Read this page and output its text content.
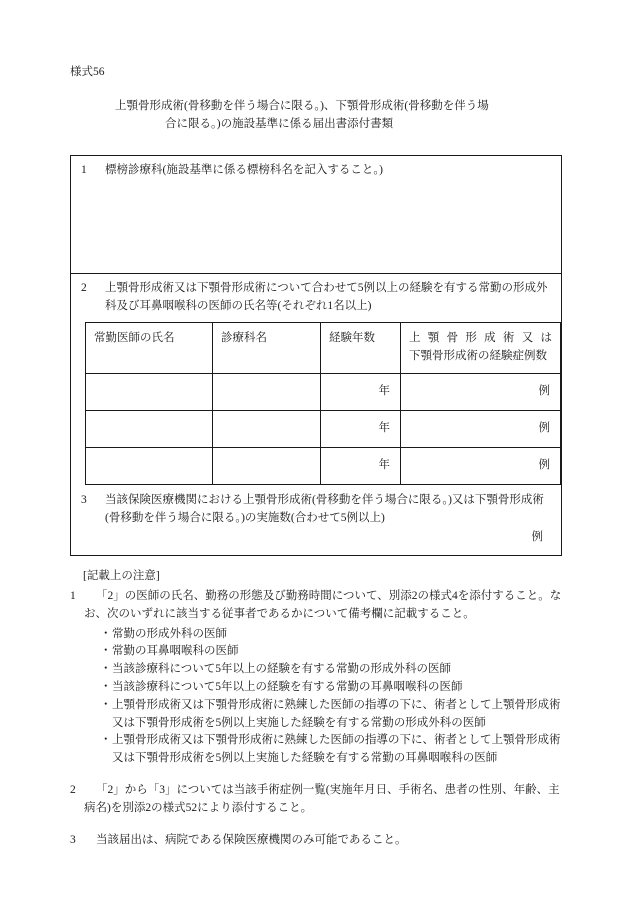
様式56
上顎骨形成術(骨移動を伴う場合に限る。)、下顎骨形成術(骨移動を伴う場
合に限る。)の施設基準に係る届出書添付書類

1 標榜診療科(施設基準に係る標榜科名を記入すること。)

2 上顎骨形成術又は下顎骨形成術について合わせて5例以上の経験を有する常勤の形成外科及び耳鼻咽喉科の医師の氏名等(それぞれ1名以上)

常勤医師の氏名	診療科名	経験年数	上顎骨形成術又は
下顎骨形成術の経験症例数

		年	例
		年	例
		年	例

3 当該保険医療機関における上顎骨形成術(骨移動を伴う場合に限る。)又は下顎骨形成術(骨移動を伴う場合に限る。)の実施数(合わせて5例以上)

例
[記載上の注意]

1 「2」の医師の氏名、勤務の形態及び勤務時間について、別添2の様式4を添付すること。なお、次のいずれに該当する従事者であるかについて備考欄に記載すること。

・ 常勤の形成外科の医師

・ 常勤の耳鼻咽喉科の医師

・ 当該診療科について5年以上の経験を有する常勤の形成外科の医師

・ 当該診療科について5年以上の経験を有する常勤の耳鼻咽喉科の医師

・ 上顎骨形成術又は下顎骨形成術に熟練した医師の指導の下に、術者として上顎骨形成術又は下顎骨形成術を5例以上実施した経験を有する常勤の形成外科の医師

・ 上顎骨形成術又は下顎骨形成術に熟練した医師の指導の下に、術者として上顎骨形成術又は下顎骨形成術を5例以上実施した経験を有する常勤の耳鼻咽喉科の医師

2 「2」から「3」については当該手術症例一覧(実施年月日、手術名、患者の性別、年齢、主病名)を別添2の様式52により添付すること。

3 当該届出は、病院である保険医療機関のみ可能であること。
